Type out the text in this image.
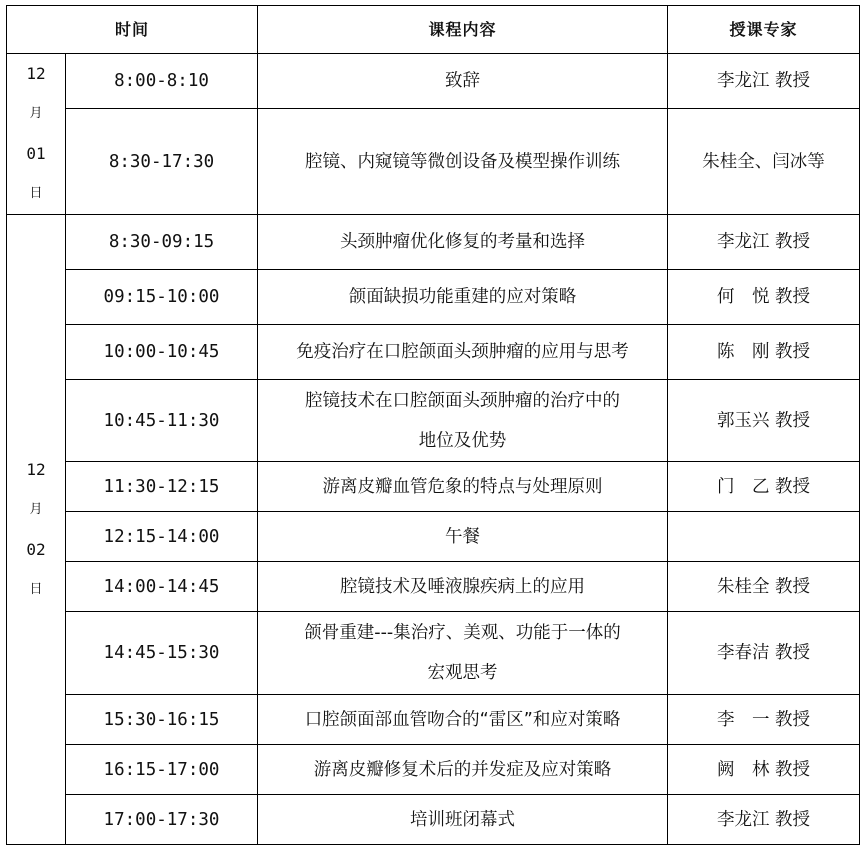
时间		课程内容	授课专家

12
月
01
日	8:00-8:10	致辞	李龙江 教授
	8:30-17:30	腔镜、内窥镜等微创设备及模型操作训练	朱桂全、闫冰等

12
月
02
日	8:30-09:15	头颈肿瘤优化修复的考量和选择	李龙江 教授
	09:15-10:00	颌面缺损功能重建的应对策略	何　悦 教授
	10:00-10:45	免疫治疗在口腔颌面头颈肿瘤的应用与思考	陈　刚 教授
	10:45-11:30	腔镜技术在口腔颌面头颈肿瘤的治疗中的
地位及优势	郭玉兴 教授
	11:30-12:15	游离皮瓣血管危象的特点与处理原则	门　乙 教授
	12:15-14:00	午餐	
	14:00-14:45	腔镜技术及唾液腺疾病上的应用	朱桂全 教授
	14:45-15:30	颌骨重建---集治疗、美观、功能于一体的
宏观思考	李春洁 教授
	15:30-16:15	口腔颌面部血管吻合的“雷区”和应对策略	李　一 教授
	16:15-17:00	游离皮瓣修复术后的并发症及应对策略	阙　林 教授
	17:00-17:30	培训班闭幕式	李龙江 教授
